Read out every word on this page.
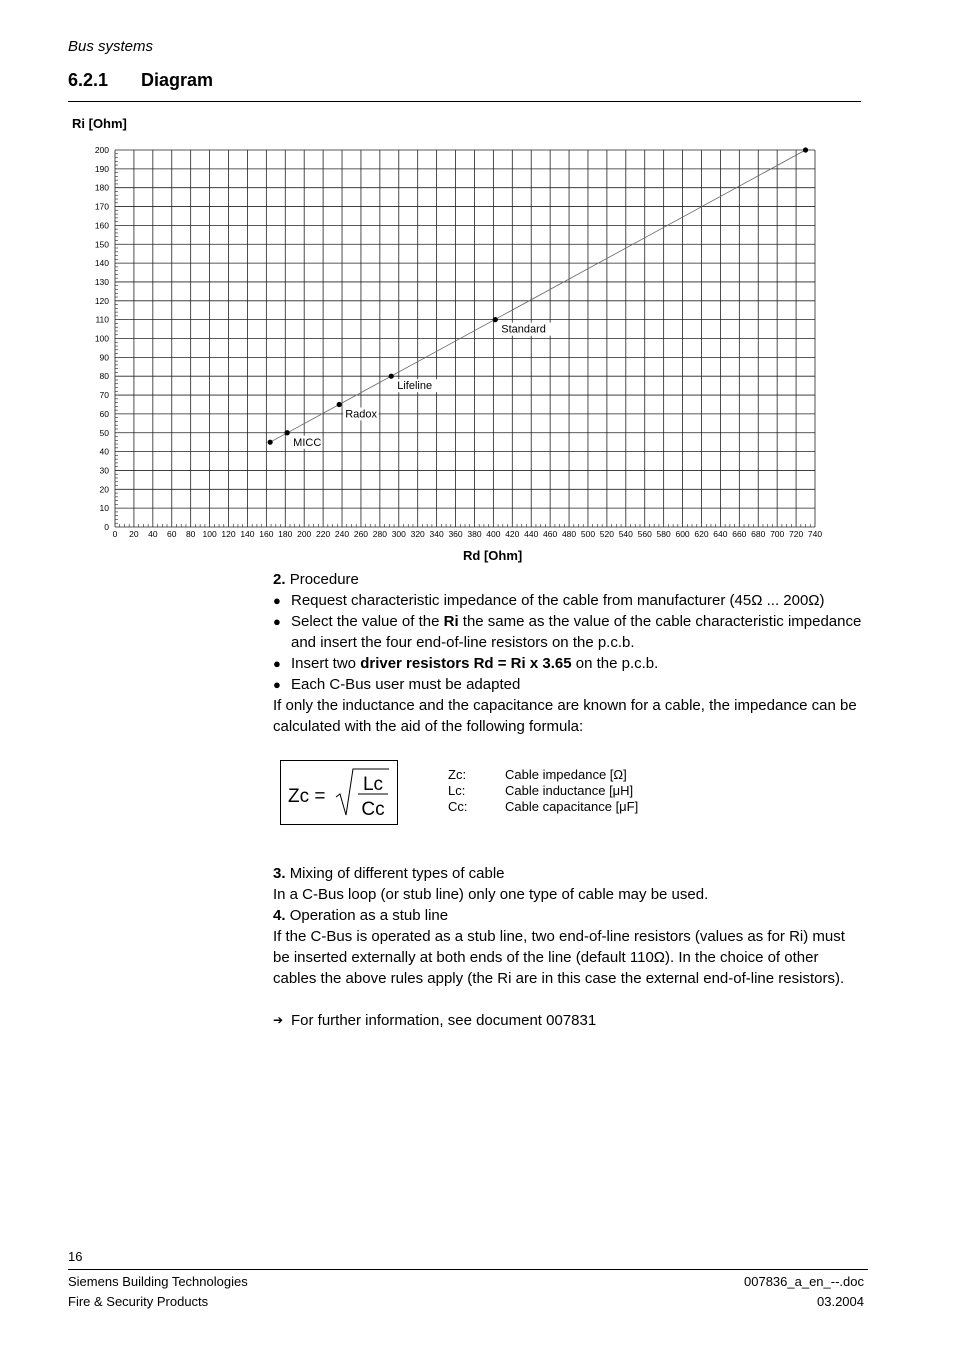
Bus systems
6.2.1 Diagram
Ri [Ohm]
0 20 40 60 80 100 120 140 160 180 200 220 240 260 280 300 320 340 360 380 400 420 440 460 480 500 520 540 560 580 600 620 640 660 680 700 720 740
0
10
20
30
40
50
60
70
80
90
100
110
120
130
140
150
160
170
180
190
200
MICC
Radox
Lifeline
Standard
Rd [Ohm]

2. Procedure

● Request characteristic impedance of the cable from manufacturer (45Ω ... 200Ω)

● Select the value of the Ri the same as the value of the cable characteristic impedance and insert the four end-of-line resistors on the p.c.b.

● Insert two driver resistors Rd = Ri x 3.65 on the p.c.b.

● Each C-Bus user must be adapted

If only the inductance and the capacitance are known for a cable, the impedance can be calculated with the aid of the following formula:

3. Mixing of different types of cable

In a C-Bus loop (or stub line) only one type of cable may be used.

4. Operation as a stub line

If the C-Bus is operated as a stub line, two end-of-line resistors (values as for Ri) must be inserted externally at both ends of the line (default 110Ω). In the choice of other cables the above rules apply (the Ri are in this case the external end-of-line resistors).

➔ For further information, see document 007831

Zc =
Lc
Cc
Zc:	Cable impedance [Ω]
Lc:	Cable inductance [μH]
Cc:	Cable capacitance [μF]
16
Siemens Building Technologies
Fire & Security Products
007836_a_en_--.doc
03.2004
